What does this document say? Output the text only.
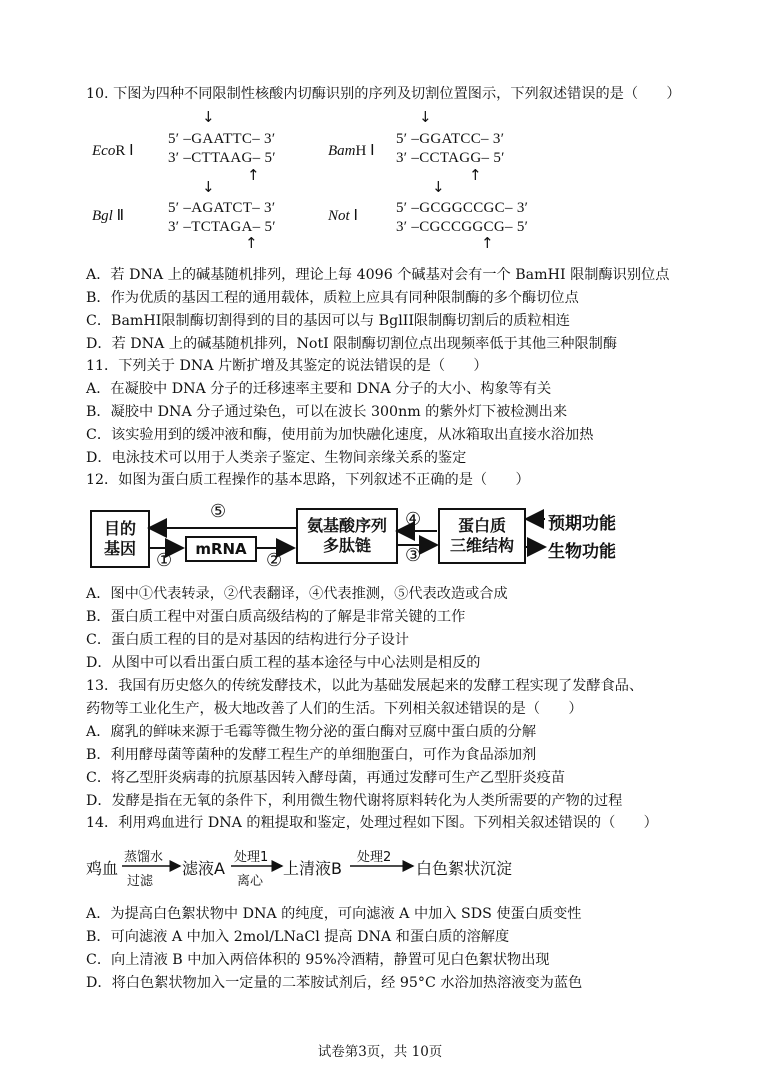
10. 下图为四种不同限制性核酸内切酶识别的序列及切割位置图示，下列叙述错误的是（　　）
↓
EcoR Ⅰ
5′ –GAATTC– 3′
3′ –CTTAAG– 5′
↑
↓
BamH Ⅰ
5′ –GGATCC– 3′
3′ –CCTAGG– 5′
↑
↓
Bgl Ⅱ	5′ –AGATCT– 3′
3′ –TCTAGA– 5′
↑
↓
Not Ⅰ	5′ –GCGGCCGC– 3′
3′ –CGCCGGCG– 5′
↑
A．若 DNA 上的碱基随机排列，理论上每 4096 个碱基对会有一个 BamHI 限制酶识别位点
B．作为优质的基因工程的通用载体，质粒上应具有同种限制酶的多个酶切位点
C．BamHI限制酶切割得到的目的基因可以与 BglII限制酶切割后的质粒相连
D．若 DNA 上的碱基随机排列，NotI 限制酶切割位点出现频率低于其他三种限制酶
11．下列关于 DNA 片断扩增及其鉴定的说法错误的是（　　）
A．在凝胶中 DNA 分子的迁移速率主要和 DNA 分子的大小、构象等有关
B．凝胶中 DNA 分子通过染色，可以在波长 300nm 的紫外灯下被检测出来
C．该实验用到的缓冲液和酶，使用前为加快融化速度，从冰箱取出直接水浴加热
D．电泳技术可以用于人类亲子鉴定、生物间亲缘关系的鉴定
12．如图为蛋白质工程操作的基本思路，下列叙述不正确的是（　　）
目的
基因	mRNA
氨基酸序列
多肽链
蛋白质
三维结构
预期功能
生物功能
⑤
①	②
④
③
A．图中①代表转录，②代表翻译，④代表推测，⑤代表改造或合成
B．蛋白质工程中对蛋白质高级结构的了解是非常关键的工作
C．蛋白质工程的目的是对基因的结构进行分子设计
D．从图中可以看出蛋白质工程的基本途径与中心法则是相反的
13．我国有历史悠久的传统发酵技术，以此为基础发展起来的发酵工程实现了发酵食品、
药物等工业化生产，极大地改善了人们的生活。下列相关叙述错误的是（　　）
A．腐乳的鲜味来源于毛霉等微生物分泌的蛋白酶对豆腐中蛋白质的分解
B．利用酵母菌等菌种的发酵工程生产的单细胞蛋白，可作为食品添加剂
C．将乙型肝炎病毒的抗原基因转入酵母菌，再通过发酵可生产乙型肝炎疫苗
D．发酵是指在无氧的条件下，利用微生物代谢将原料转化为人类所需要的产物的过程
14．利用鸡血进行 DNA 的粗提取和鉴定，处理过程如下图。下列相关叙述错误的（　　）
鸡血
蒸馏水
过滤
滤液A
处理1
离心
上清液B
处理2
白色絮状沉淀
A．为提高白色絮状物中 DNA 的纯度，可向滤液 A 中加入 SDS 使蛋白质变性
B．可向滤液 A 中加入 2mol/LNaCl 提高 DNA 和蛋白质的溶解度
C．向上清液 B 中加入两倍体积的 95%冷酒精，静置可见白色絮状物出现
D．将白色絮状物加入一定量的二苯胺试剂后，经 95°C 水浴加热溶液变为蓝色
试卷第3页，共 10页
